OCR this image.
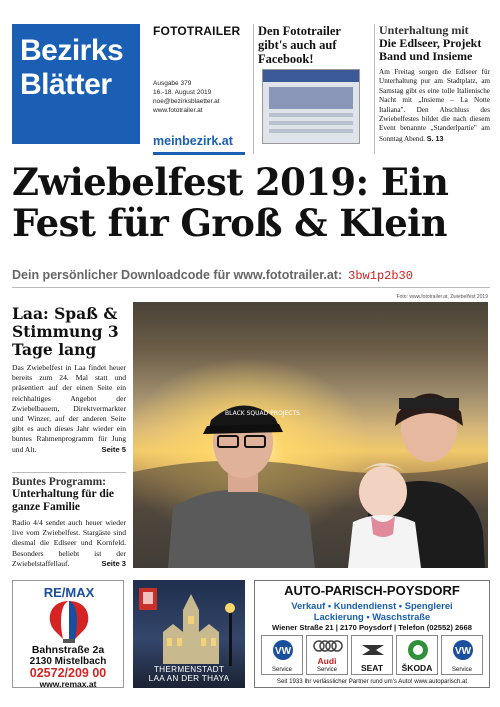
Bezirks
Blätter
FOTOTRAILER
Ausgabe 379
16.-18. August 2019
noe@bezirksblaetter.at
www.fototrailer.at
meinbezirk.at
Den Fototrailer gibt's auch auf Facebook!
Unterhaltung mit
Die Edlseer, Projekt Band und Insieme
Am Freitag sorgen die Edlseer für Unterhaltung pur am Stadtplatz, am Samstag gibt es eine tolle Italienische Nacht mit „Insieme – La Notte Italiana". Den Abschluss des Zwiebelfestes bildet die nach diesem Event benannte „Standerlpartie" am Sonntag Abend. S. 13
Zwiebelfest 2019: Ein Fest für Groß & Klein
Dein persönlicher Downloadcode für www.fototrailer.at: 3bw1p2b30
Laa: Spaß & Stimmung 3 Tage lang
Das Zwiebelfest in Laa findet heuer bereits zum 24. Mal statt und präsentiert auf der einen Seite ein reichhaltiges Angebot der Zwiebelbauern, Direktvermarkter und Winzer, auf der anderen Seite gibt es auch dieses Jahr wieder ein buntes Rahmenprogramm für Jung und Alt.	Seite 5
Buntes Programm:
Unterhaltung für die ganze Familie
Radio 4/4 sendet auch heuer wieder live vom Zwiebelfest. Stargäste sind diesmal die Edlseer und Kornfeld. Besonders beliebt ist der Zwiebelstaffellauf.	Seite 3
Foto: www.fototrailer.at, Zwiebelfest 2019
BLACK SQUAD PROJECTS
RE/MAX
Bahnstraße 2a
2130 Mistelbach
02572/209 00
www.remax.at
THERMENSTADT
LAA AN DER THAYA
AUTO-PARISCH-POYSDORF
Verkauf • Kundendienst • Spenglerei
Lackierung • Waschstraße
Wiener Straße 21 | 2170 Poysdorf | Telefon (02552) 2668
VW
Service
Audi
Service	SEAT	ŠKODA
VW
Service
Seit 1933 Ihr verlässlicher Partner rund um's Auto! www.autoparisch.at
